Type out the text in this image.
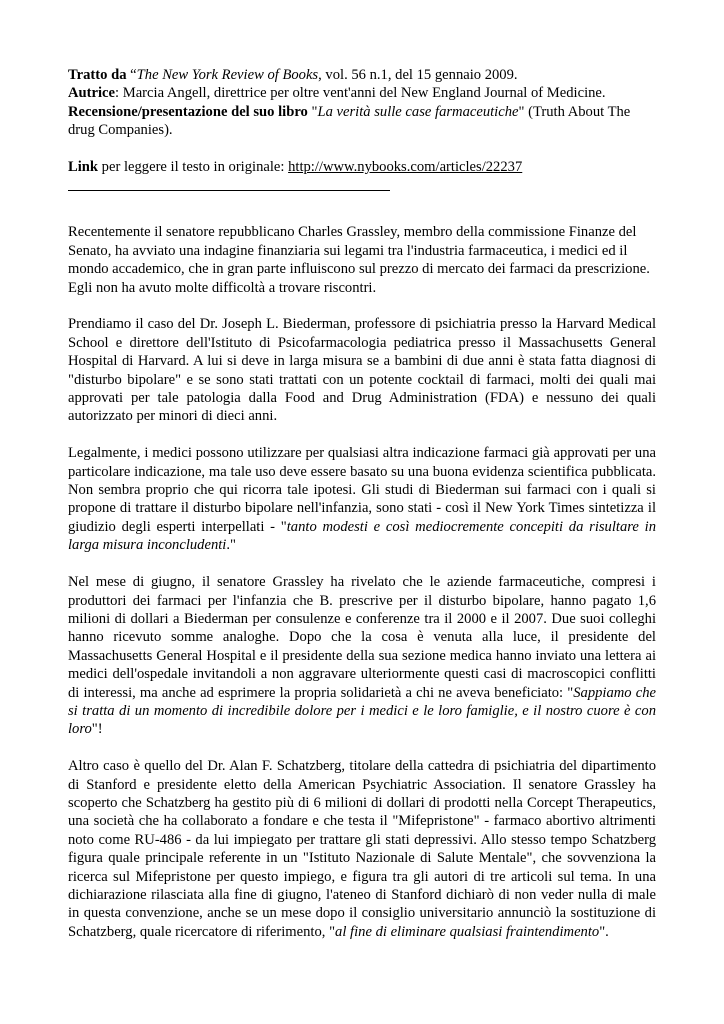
Tratto da “The New York Review of Books, vol. 56 n.1, del 15 gennaio 2009.

Autrice: Marcia Angell, direttrice per oltre vent'anni del New England Journal of Medicine.

Recensione/presentazione del suo libro "La verità sulle case farmaceutiche" (Truth About The drug Companies).

Link per leggere il testo in originale: http://www.nybooks.com/articles/22237

Recentemente il senatore repubblicano Charles Grassley, membro della commissione Finanze del Senato, ha avviato una indagine finanziaria sui legami tra l'industria farmaceutica, i medici ed il mondo accademico, che in gran parte influiscono sul prezzo di mercato dei farmaci da prescrizione. Egli non ha avuto molte difficoltà a trovare riscontri.

Prendiamo il caso del Dr. Joseph L. Biederman, professore di psichiatria presso la Harvard Medical School e direttore dell'Istituto di Psicofarmacologia pediatrica presso il Massachusetts General Hospital di Harvard. A lui si deve in larga misura se a bambini di due anni è stata fatta diagnosi di "disturbo bipolare" e se sono stati trattati con un potente cocktail di farmaci, molti dei quali mai approvati per tale patologia dalla Food and Drug Administration (FDA) e nessuno dei quali autorizzato per minori di dieci anni.

Legalmente, i medici possono utilizzare per qualsiasi altra indicazione farmaci già approvati per una particolare indicazione, ma tale uso deve essere basato su una buona evidenza scientifica pubblicata. Non sembra proprio che qui ricorra tale ipotesi. Gli studi di Biederman sui farmaci con i quali si propone di trattare il disturbo bipolare nell'infanzia, sono stati - così il New York Times sintetizza il giudizio degli esperti interpellati - "tanto modesti e così mediocremente concepiti da risultare in larga misura inconcludenti."

Nel mese di giugno, il senatore Grassley ha rivelato che le aziende farmaceutiche, compresi i produttori dei farmaci per l'infanzia che B. prescrive per il disturbo bipolare, hanno pagato 1,6 milioni di dollari a Biederman per consulenze e conferenze tra il 2000 e il 2007. Due suoi colleghi hanno ricevuto somme analoghe. Dopo che la cosa è venuta alla luce, il presidente del Massachusetts General Hospital e il presidente della sua sezione medica hanno inviato una lettera ai medici dell'ospedale invitandoli a non aggravare ulteriormente questi casi di macroscopici conflitti di interessi, ma anche ad esprimere la propria solidarietà a chi ne aveva beneficiato: "Sappiamo che si tratta di un momento di incredibile dolore per i medici e le loro famiglie, e il nostro cuore è con loro"!

Altro caso è quello del Dr. Alan F. Schatzberg, titolare della cattedra di psichiatria del dipartimento di Stanford e presidente eletto della American Psychiatric Association. Il senatore Grassley ha scoperto che Schatzberg ha gestito più di 6 milioni di dollari di prodotti nella Corcept Therapeutics, una società che ha collaborato a fondare e che testa il "Mifepristone" - farmaco abortivo altrimenti noto come RU-486 - da lui impiegato per trattare gli stati depressivi. Allo stesso tempo Schatzberg figura quale principale referente in un "Istituto Nazionale di Salute Mentale", che sovvenziona la ricerca sul Mifepristone per questo impiego, e figura tra gli autori di tre articoli sul tema. In una dichiarazione rilasciata alla fine di giugno, l'ateneo di Stanford dichiarò di non veder nulla di male in questa convenzione, anche se un mese dopo il consiglio universitario annunciò la sostituzione di Schatzberg, quale ricercatore di riferimento, "al fine di eliminare qualsiasi fraintendimento".
